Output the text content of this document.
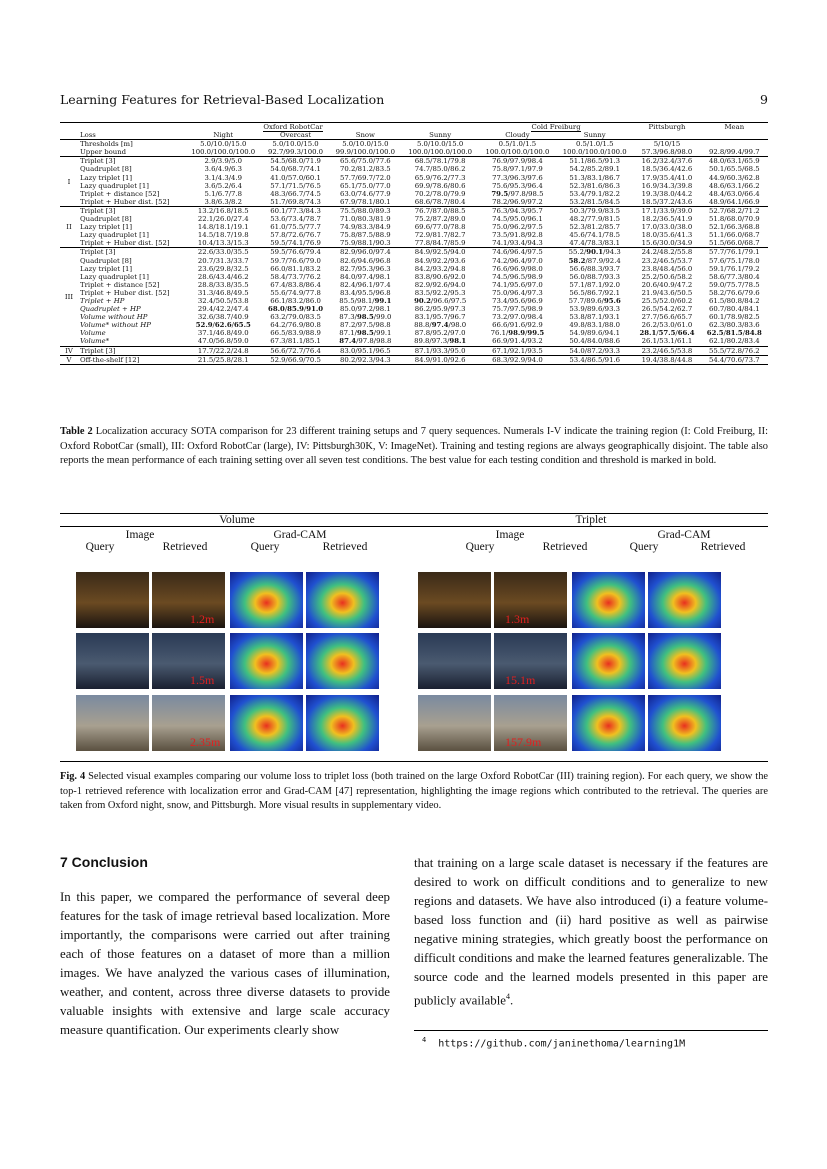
Learning Features for Retrieval-Based Localization	9
		Oxford RobotCar				Cold Freiburg		Pittsburgh	Mean
	Loss	Night	Overcast	Snow	Sunny	Cloudy	Sunny		
	Thresholds [m]	5.0/10.0/15.0	5.0/10.0/15.0	5.0/10.0/15.0	5.0/10.0/15.0	0.5/1.0/1.5	0.5/1.0/1.5	5/10/15	
	Upper bound	100.0/100.0/100.0	92.7/99.3/100.0	99.9/100.0/100.0	100.0/100.0/100.0	100.0/100.0/100.0	100.0/100.0/100.0	57.3/96.8/98.0	92.8/99.4/99.7
I	Triplet [3]	2.9/3.9/5.0	54.5/68.0/71.9	65.6/75.0/77.6	68.5/78.1/79.8	76.9/97.9/98.4	51.1/86.5/91.3	16.2/32.4/37.6	48.0/63.1/65.9
	Quadruplet [8]	3.6/4.9/6.3	54.0/68.7/74.1	70.2/81.2/83.5	74.7/85.0/86.2	75.8/97.1/97.9	54.2/85.2/89.1	18.5/36.4/42.6	50.1/65.5/68.5
	Lazy triplet [1]	3.1/4.3/4.9	41.0/57.0/60.1	57.7/69.7/72.0	65.9/76.2/77.3	77.3/96.3/97.6	51.3/83.1/86.7	17.9/35.4/41.0	44.9/60.3/62.8
	Lazy quadruplet [1]	3.6/5.2/6.4	57.1/71.5/76.5	65.1/75.0/77.0	69.9/78.6/80.6	75.6/95.3/96.4	52.3/81.6/86.3	16.9/34.3/39.8	48.6/63.1/66.2
	Triplet + distance [52]	5.1/6.7/7.8	48.3/66.7/74.5	63.0/74.6/77.9	70.2/78.0/79.9	79.5/97.8/98.5	53.4/79.1/82.2	19.3/38.0/44.2	48.4/63.0/66.4
	Triplet + Huber dist. [52]	3.8/6.3/8.2	51.7/69.8/74.3	67.9/78.1/80.1	68.6/78.7/80.4	78.2/96.9/97.2	53.2/81.5/84.5	18.5/37.2/43.6	48.9/64.1/66.9
II	Triplet [3]	13.2/16.8/18.5	60.1/77.3/84.3	75.5/88.0/89.3	76.7/87.0/88.5	76.3/94.3/95.7	50.3/79.9/83.5	17.1/33.9/39.0	52.7/68.2/71.2
	Quadruplet [8]	22.1/26.0/27.4	53.6/73.4/78.7	71.0/80.3/81.9	75.2/87.2/89.0	74.5/95.0/96.1	48.2/77.9/81.5	18.2/36.5/41.9	51.8/68.0/70.9
	Lazy triplet [1]	14.8/18.1/19.1	61.0/75.5/77.7	74.9/83.3/84.9	69.6/77.0/78.8	75.0/96.2/97.5	52.3/81.2/85.7	17.0/33.0/38.0	52.1/66.3/68.8
	Lazy quadruplet [1]	14.5/18.7/19.8	57.8/72.6/76.7	75.8/87.5/88.9	72.9/81.7/82.7	73.5/91.8/92.8	45.6/74.1/78.5	18.0/35.6/41.3	51.1/66.0/68.7
	Triplet + Huber dist. [52]	10.4/13.3/15.3	59.5/74.1/76.9	75.9/88.1/90.3	77.8/84.7/85.9	74.1/93.4/94.3	47.4/78.3/83.1	15.6/30.0/34.9	51.5/66.0/68.7
III	Triplet [3]	22.6/33.0/35.5	59.5/76.6/79.4	82.9/96.0/97.4	84.9/92.5/94.0	74.6/96.4/97.5	55.2/90.1/94.3	24.2/48.2/55.8	57.7/76.1/79.1
	Quadruplet [8]	20.7/31.3/33.7	59.7/76.6/79.0	82.6/94.6/96.8	84.9/92.2/93.6	74.2/96.4/97.0	58.2/87.9/92.4	23.2/46.5/53.7	57.6/75.1/78.0
	Lazy triplet [1]	23.6/29.8/32.5	66.0/81.1/83.2	82.7/95.3/96.3	84.2/93.2/94.8	76.6/96.9/98.0	56.6/88.3/93.7	23.8/48.4/56.0	59.1/76.1/79.2
	Lazy quadruplet [1]	28.6/43.4/46.2	58.4/73.7/76.2	84.0/97.4/98.1	83.8/90.6/92.0	74.5/96.5/98.9	56.0/88.7/93.3	25.2/50.6/58.2	58.6/77.3/80.4
	Triplet + distance [52]	28.8/33.8/35.5	67.4/83.8/86.4	82.4/96.1/97.4	82.9/92.6/94.0	74.1/95.6/97.0	57.1/87.1/92.0	20.6/40.9/47.2	59.0/75.7/78.5
	Triplet + Huber dist. [52]	31.3/46.8/49.5	55.6/74.9/77.8	83.4/95.5/96.8	83.5/92.2/95.3	75.0/96.4/97.3	56.5/86.7/92.1	21.9/43.6/50.5	58.2/76.6/79.6
	Triplet + HP	32.4/50.5/53.8	66.1/83.2/86.0	85.5/98.1/99.1	90.2/96.6/97.5	73.4/95.6/96.9	57.7/89.6/95.6	25.5/52.0/60.2	61.5/80.8/84.2
	Quadruplet + HP	29.4/42.2/47.4	68.0/85.9/91.0	85.0/97.2/98.1	86.2/95.9/97.3	75.7/97.5/98.9	53.9/89.6/93.3	26.5/54.2/62.7	60.7/80.4/84.1
	Volume without HP	32.6/38.7/40.9	63.2/79.0/83.5	87.3/98.5/99.0	83.1/95.7/96.7	73.2/97.0/98.4	53.8/87.1/93.1	27.7/56.6/65.7	60.1/78.9/82.5
	Volume* without HP	52.9/62.6/65.5	64.2/76.9/80.8	87.2/97.5/98.8	88.8/97.4/98.0	66.6/91.6/92.9	49.8/83.1/88.0	26.2/53.0/61.0	62.3/80.3/83.6
	Volume	37.1/46.8/49.0	66.5/83.9/88.9	87.1/98.5/99.1	87.8/95.2/97.0	76.1/98.9/99.5	54.9/89.6/94.1	28.1/57.5/66.4	62.5/81.5/84.8
	Volume*	47.0/56.8/59.0	67.3/81.1/85.1	87.4/97.8/98.8	89.8/97.3/98.1	66.9/91.4/93.2	50.4/84.0/88.6	26.1/53.1/61.1	62.1/80.2/83.4
IV	Triplet [3]	17.7/22.2/24.8	56.6/72.7/76.4	83.0/95.1/96.5	87.1/93.3/95.0	67.1/92.1/93.5	54.0/87.2/93.3	23.2/46.5/53.8	55.5/72.8/76.2
V	Off-the-shelf [12]	21.5/25.8/28.1	52.9/66.9/70.5	80.2/92.3/94.3	84.9/91.0/92.6	68.3/92.9/94.0	53.4/86.5/91.6	19.4/38.8/44.8	54.4/70.6/73.7
Table 2 Localization accuracy SOTA comparison for 23 different training setups and 7 query sequences. Numerals I-V indicate the training region (I: Cold Freiburg, II: Oxford RobotCar (small), III: Oxford RobotCar (large), IV: Pittsburgh30K, V: ImageNet). Training and testing regions are always geographically disjoint. The table also reports the mean performance of each training setting over all seven test conditions. The best value for each testing condition and threshold is marked in bold.
Volume	Triplet
Image	Grad-CAM	Image	Grad-CAM
Query	Retrieved	Query	Retrieved	Query	Retrieved	Query	Retrieved
1.2m
1.5m
2.35m
1.3m
15.1m
157.9m
Fig. 4 Selected visual examples comparing our volume loss to triplet loss (both trained on the large Oxford RobotCar (III) training region). For each query, we show the top-1 retrieved reference with localization error and Grad-CAM [47] representation, highlighting the image regions which contributed to the retrieval. The queries are taken from Oxford night, snow, and Pittsburgh. More visual results in supplementary video.
7 Conclusion
In this paper, we compared the performance of several deep features for the task of image retrieval based localization. More importantly, the comparisons were carried out after training each of those features on a dataset of more than a million images. We have analyzed the various cases of illumination, weather, and content, across three diverse datasets to provide valuable insights with extensive and large scale accuracy measure quantification. Our experiments clearly show
that training on a large scale dataset is necessary if the features are desired to work on difficult conditions and to generalize to new regions and datasets. We have also introduced (i) a feature volume-based loss function and (ii) hard positive as well as pairwise negative mining strategies, which greatly boost the performance on difficult conditions and make the learned features generalizable. The source code and the learned models presented in this paper are publicly available$^4$.
$^4$ https://github.com/janinethoma/learning1M
